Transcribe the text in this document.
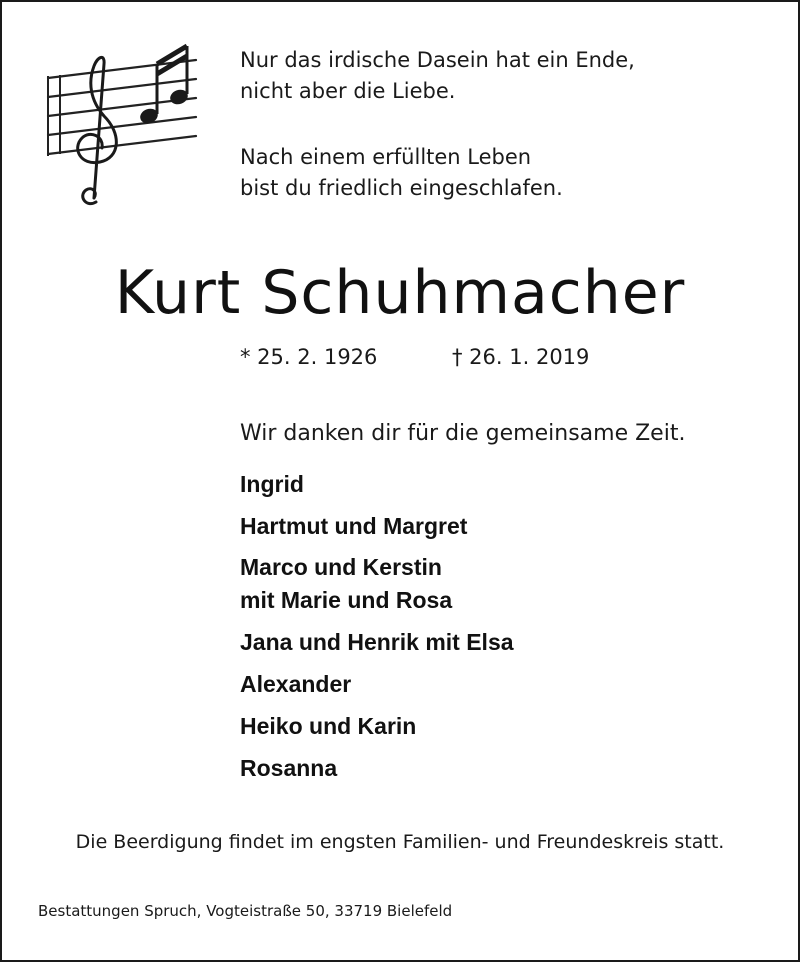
Nur das irdische Dasein hat ein Ende,
nicht aber die Liebe.
Nach einem erfüllten Leben
bist du friedlich eingeschlafen.
Kurt Schuhmacher
* 25. 2. 1926	† 26. 1. 2019
Wir danken dir für die gemeinsame Zeit.
Ingrid
Hartmut und Margret
Marco und Kerstin
mit Marie und Rosa
Jana und Henrik mit Elsa
Alexander
Heiko und Karin
Rosanna
Die Beerdigung findet im engsten Familien- und Freundeskreis statt.
Bestattungen Spruch, Vogteistraße 50, 33719 Bielefeld
